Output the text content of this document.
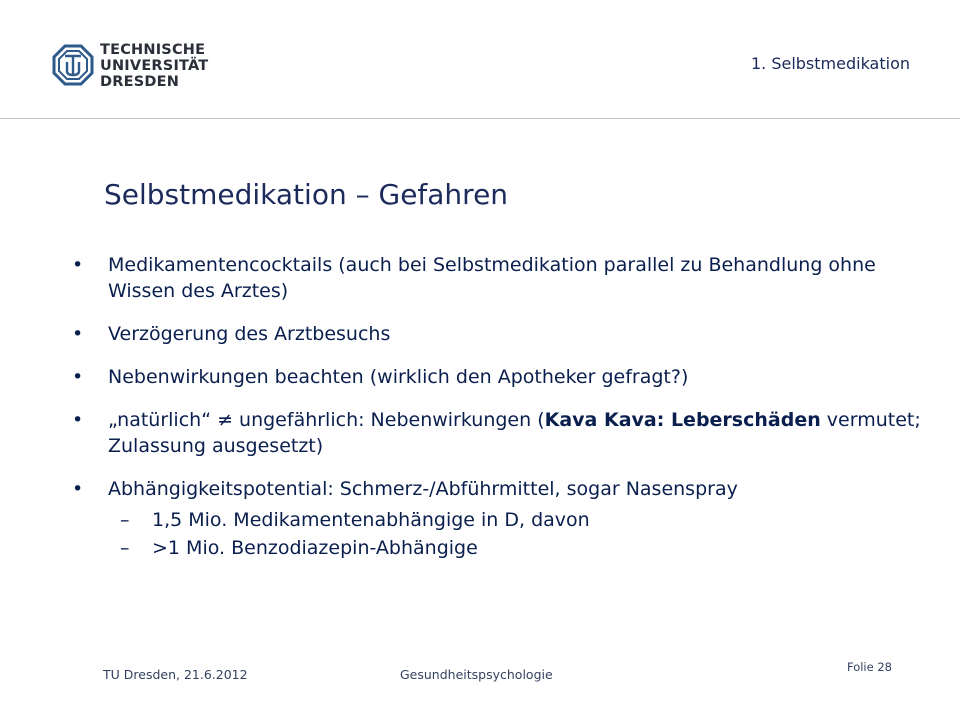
TECHNISCHE
UNIVERSITÄT
DRESDEN
1. Selbstmedikation
Selbstmedikation – Gefahren
• Medikamentencocktails (auch bei Selbstmedikation parallel zu Behandlung ohne Wissen des Arztes)
• Verzögerung des Arztbesuchs
• Nebenwirkungen beachten (wirklich den Apotheker gefragt?)
• „natürlich“ ≠ ungefährlich: Nebenwirkungen (Kava Kava: Leberschäden vermutet; Zulassung ausgesetzt)
• Abhängigkeitspotential: Schmerz-/Abführmittel, sogar Nasenspray
– 1,5 Mio. Medikamentenabhängige in D, davon
– >1 Mio. Benzodiazepin-Abhängige
TU Dresden, 21.6.2012	Gesundheitspsychologie	Folie 28
